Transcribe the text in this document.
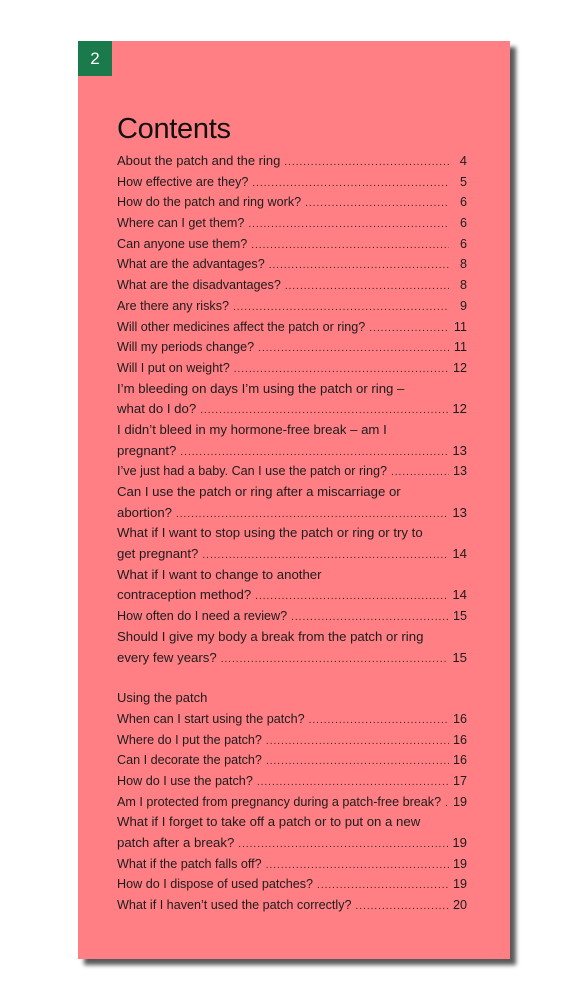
2
Contents
About the patch and the ring .....	4
How effective are they? .....	5
How do the patch and ring work? .....	6
Where can I get them? .....	6
Can anyone use them? .....	6
What are the advantages? .....	8
What are the disadvantages? .....	8
Are there any risks? .....	9
Will other medicines affect the patch or ring? .....	11
Will my periods change? .....	11
Will I put on weight? .....	12
I’m bleeding on days I’m using the patch or ring –
what do I do? .....	12
I didn’t bleed in my hormone-free break – am I
pregnant? .....	13
I’ve just had a baby. Can I use the patch or ring? .....	13
Can I use the patch or ring after a miscarriage or
abortion? .....	13
What if I want to stop using the patch or ring or try to
get pregnant? .....	14
What if I want to change to another
contraception method? .....	14
How often do I need a review? .....	15
Should I give my body a break from the patch or ring
every few years? .....	15
Using the patch
When can I start using the patch? .....	16
Where do I put the patch? .....	16
Can I decorate the patch? .....	16
How do I use the patch? .....	17
Am I protected from pregnancy during a patch-free break? ..... 19
What if I forget to take off a patch or to put on a new
patch after a break? .....	19
What if the patch falls off? .....	19
How do I dispose of used patches? .....	19
What if I haven’t used the patch correctly? .....	20
